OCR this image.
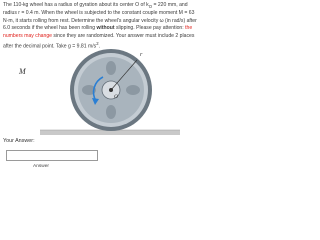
The 110-kg wheel has a radius of gyration about its center O of $k_O = 220$ mm, and radius r = 0.4 m. When the wheel is subjected to the constant couple moment M = 63 N·m, it starts rolling from rest. Determine the wheel's angular velocity ω (in rad/s) after 6.0 seconds if the wheel has been rolling without slipping. Please pay attention: the numbers may change since they are randomized. Your answer must include 2 places after the decimal point. Take g = 9.81 $m/s^2$.
r
O
M
Your Answer:
Answer
